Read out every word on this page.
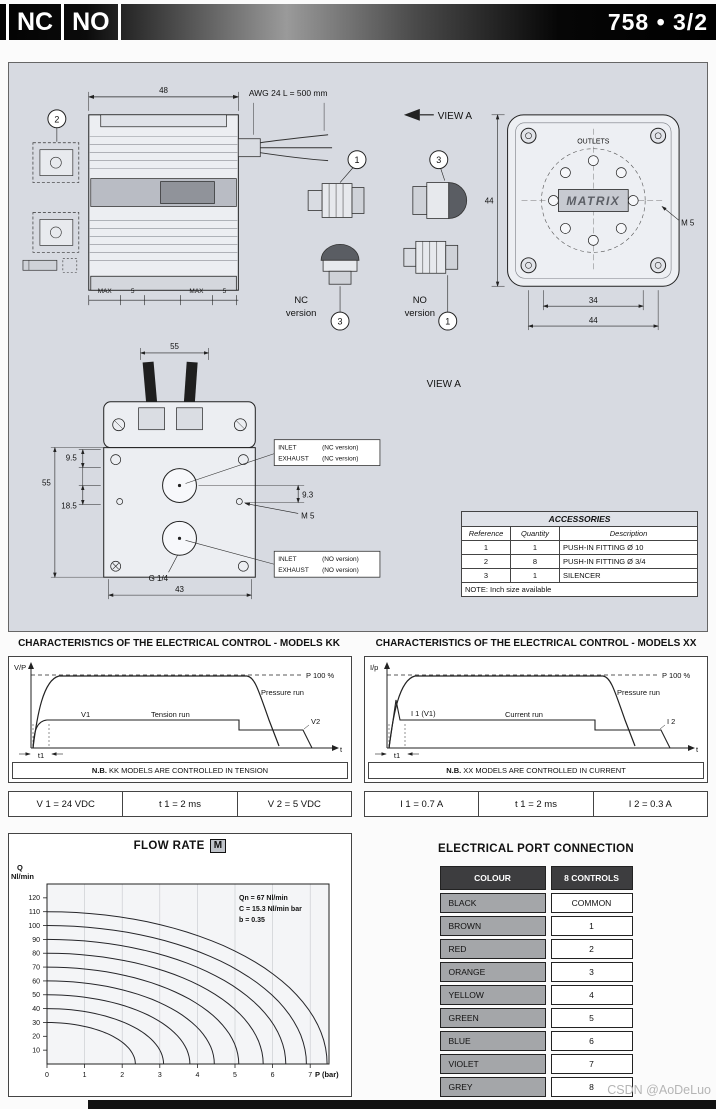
NC NO	758 • 3/2
48
2
AWG 24 L = 500 mm
MAX	5	MAX	5
VIEW A
1	3
NC
version
NO
version
3	1
OUTLETS
MATRIX
44
M 5
34
44
VIEW A
55
9.5
55
18.5
9.3
M 5
INLET	(NC version)
EXHAUST (NC version)
INLET	(NO version)
EXHAUST (NO version)
G 1/4
43
ACCESSORIES		
Reference	Quantity	Description
1	1	PUSH-IN FITTING Ø 10
2	8	PUSH-IN FITTING Ø 3/4
3	1	SILENCER
NOTE: Inch size available		
CHARACTERISTICS OF THE ELECTRICAL CONTROL - MODELS KK	CHARACTERISTICS OF THE ELECTRICAL CONTROL - MODELS XX
V/P
P 100 %
Pressure run
V1	Tension run
V2
t1
t
N.B. KK MODELS ARE CONTROLLED IN TENSION
I/p
P 100 %
Pressure run
I 1 (V1)	Current run
I 2
t1
t
N.B. XX MODELS ARE CONTROLLED IN CURRENT
V 1 = 24 VDC	t 1 = 2 ms	V 2 = 5 VDC	I 1 = 0.7 A	t 1 = 2 ms	I 2 = 0.3 A
FLOW RATE M
10
20
30
40
50
60
70
80
90
100
110
120
0	1	2	3	4	5	6	7
Q
Nl/min
Qn = 67 Nl/min
C = 15.3 Nl/min bar
b = 0.35
P (bar)
ELECTRICAL PORT CONNECTION
COLOUR	8 CONTROLS
BLACK	COMMON
BROWN	1
RED	2
ORANGE	3
YELLOW	4
GREEN	5
BLUE	6
VIOLET	7
GREY	8 CSDN @AoDeLuo
